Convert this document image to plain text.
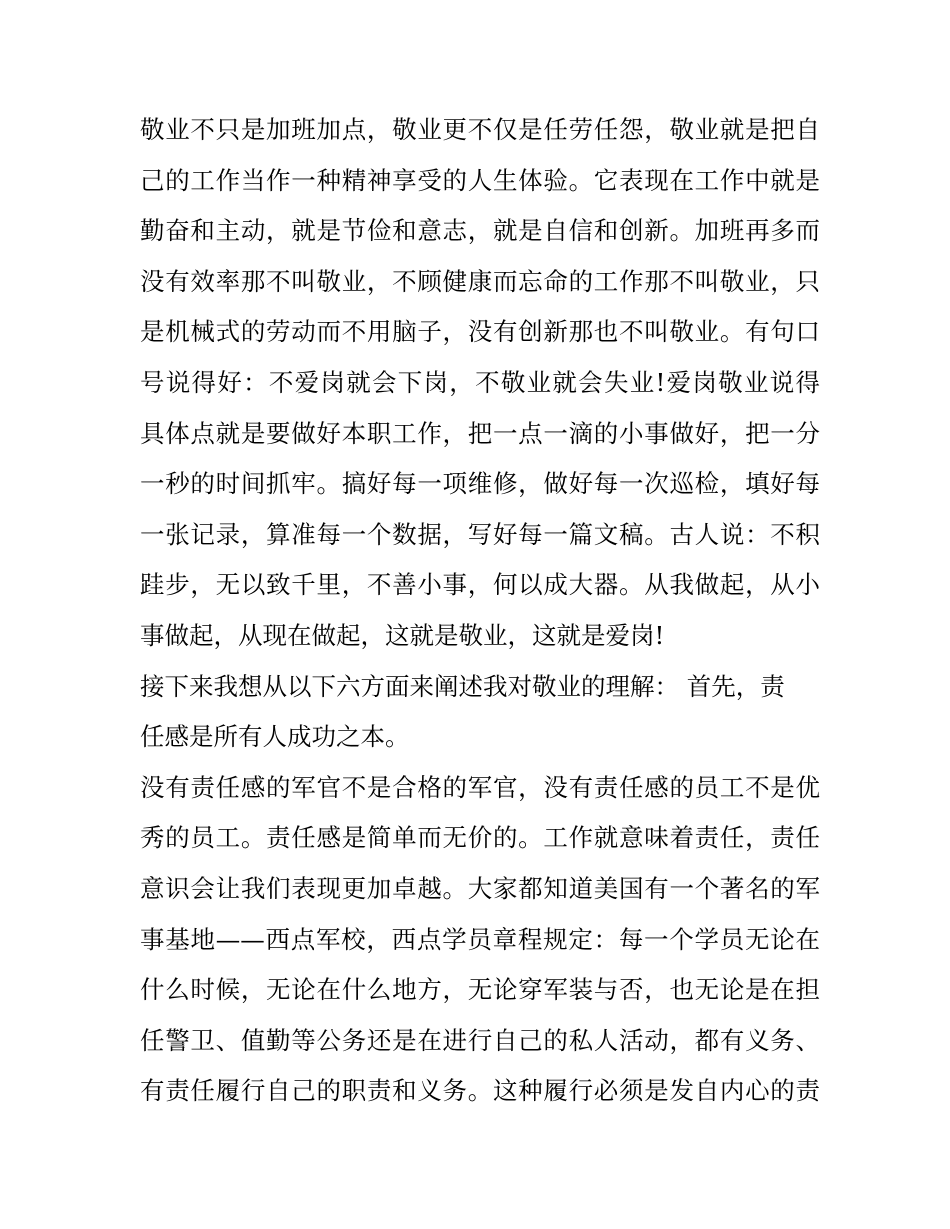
敬业不只是加班加点，敬业更不仅是任劳任怨，敬业就是把自
己的工作当作一种精神享受的人生体验。它表现在工作中就是
勤奋和主动，就是节俭和意志，就是自信和创新。加班再多而
没有效率那不叫敬业，不顾健康而忘命的工作那不叫敬业，只
是机械式的劳动而不用脑子，没有创新那也不叫敬业。有句口
号说得好：不爱岗就会下岗，不敬业就会失业!爱岗敬业说得
具体点就是要做好本职工作，把一点一滴的小事做好，把一分
一秒的时间抓牢。搞好每一项维修，做好每一次巡检，填好每
一张记录，算准每一个数据，写好每一篇文稿。古人说：不积
跬步，无以致千里，不善小事，何以成大器。从我做起，从小
事做起，从现在做起，这就是敬业，这就是爱岗!
接下来我想从以下六方面来阐述我对敬业的理解： 首先，责
任感是所有人成功之本。
没有责任感的军官不是合格的军官，没有责任感的员工不是优
秀的员工。责任感是简单而无价的。工作就意味着责任，责任
意识会让我们表现更加卓越。大家都知道美国有一个著名的军
事基地——西点军校，西点学员章程规定：每一个学员无论在
什么时候，无论在什么地方，无论穿军装与否，也无论是在担
任警卫、值勤等公务还是在进行自己的私人活动，都有义务、
有责任履行自己的职责和义务。这种履行必须是发自内心的责
